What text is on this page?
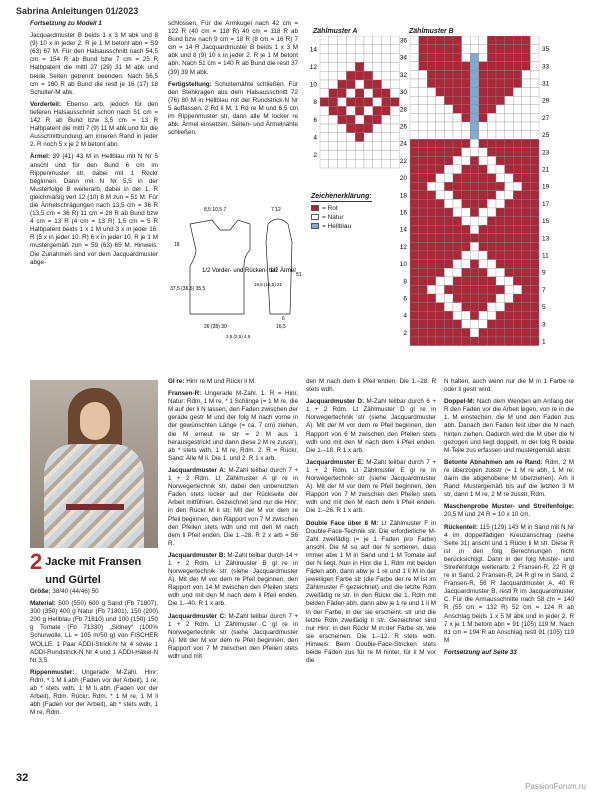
Sabrina Anleitungen 01/2023

Fortsetzung zu Modell 1

Jacquardmuster B beids 1 x 3 M abk und 8 (9) 10 x in jeder 2. R je 1 M betont abn = S9 (63) 67 M. Für den Halsausschnitt nach 54,5 cm = 154 R ab Bund bzw 7 cm = 25 R Halbpatent die mittl 27 (29) 31 M abk und beide Seiten getrennt beenden. Nach 56,5 cm = 160 R ab Bund die restl je 16 (17) 18 Schulter-M abk.

Vorderteil: Ebenso arb, jedoch für den tieferen Halsausschnitt schon nach 51 cm = 142 R ab Bund bzw 3,5 cm = 13 R Halbpatent die mittl 7 (9) 11 M abk und für die Ausschnittrundung am inneren Rand in jeder 2. R noch 5 x je 2 M betont abn.

Ärmel: 39 (41) 43 M in Hellblau mit N Nr 5 anschl und für den Bund 6 cm im Rippenmuster str, dabei mit 1 Rückr beginnen. Dann mit N Nr 5,5 in der Musterfolge B weiterarb, dabei in der 1. R gleichmäßig vert 12 (10) 8 M zun = 51 M. Für die Ärmelschrägungen nach 13,5 cm = 36 R (13,5 cm = 36 R) 11 cm = 28 R ab Bund bzw 4 cm = 13 R (4 cm = 13 R) 1,5 cm = 5 R Halbpatent beids 1 x 1 M und 3 x in jeder 16. R (5 x in jeder 10. R) 6 x in jeder 10. R je 1 M mustergemäß zun = 59 (63) 65 M. Hinweis: Die Zunahmen sind vor dem Jacquardmuster abge-

schlossen. Für die Armkugel nach 42 cm = 122 R (40 cm = 118 R) 40 cm = 118 R ab Bund bzw nach 9 cm = 18 R (8 cm = 16 R) 7 cm = 14 R Jacquardmuster B beids 1 x 3 M abk und 8 (9) 10 x in jeder 2. R je 1 M betont abn. Nach 51 cm = 140 R ab Bund die restl 37 (39) 39 M abk.

Fertigstellung: Schultemähte schließen. Für den Stehkragen aus dem Halsausschnitt 72 (76) 80 M in Hellblau mit der Rundstrick-N Nr 5 auffassen, 2 Rd li M, 1 Rd re M und 6,5 cm im Rippenmuster str, dann alle M locker re abk. Ärmel einsetzen. Seiten- und Ärmelnähte schließen.

8,5 10,5 7	7 12
18
37,5 (36,5) 35,5
26 (28) 30	16,5
51
18,5 (18,5) 21
6
3,5 (2,5) 4,5
1/2 Vorder- und Rücken- teil
1/2 Ärmel
Zählmuster A
14
12
10
8
6
4
2
Zählmuster B
36
35
34
33
32
31
30
29
28
27
26
25
24
23
22
21
20
19
18
17
16
15
14
13
12
11
10
9
8
7
6
5
4
3
2
1
Zeichenerklärung:
= Rot
= Natur
= Hellblau
2 Jacke mit Fransen und Gürtel

Größe: 38/40 (44/46) 50

Material: 500 (550) 600 g Sand (Fb 71807), 300 (350) 400 g Natur (Fb 71801), 150 (200) 200 g Hellblau (Fb 71810) und 100 (150) 150 g Tomate (Fb 71330) „Sidney“ (100% Schurwolle, LL = 105 m/50 g) von FISCHER WOLLE. 1 Paar ADDI-Strick-N Nr 4 sowie 1 ADDI-Rundstrick-N Nr 4 und 1 ADDI-Häkel-N Nr 3,5.

Rippenmuster: Ungerade M-Zahl. Hinr: Rdm, * 1 M li abh (Faden vor der Arbeit), 1 re, ab * stets wdh, 1 M li abh (Faden vor der Arbeit), Rdm. Rückr: Rdm, * 1 M re, 1 M li abh (Faden vor der Arbeit), ab * stets wdh, 1 M re, Rdm.

Gl re: Hinr re M und Rückr li M.

Fransen-R: Ungerade M-Zahl. 1. R = Hinr, Natur: Rdm, 1 M re, * 1 Schlinge (= 1 M re, die M auf der li N lassen, den Faden zwischen der gerade gestr M und der folg M nach vorne in der gewünschten Länge (= ca. 7 cm) ziehen, die M erneut re str = 2 M aus 1 herausgestrickt und dann diese 2 M re zusstr), ab * stets wdh, 1 M re, Rdm. 2. R = Rückr, Sand: Alle M li. Die 1. und 2. R 1 x arb.

Jacquardmuster A: M-Zahl teilbar durch 7 + 1 + 2 Rdm. Lt Zählmuster A gl re in Norwegertechnik str, dabei den unbenutzten Faden stets locker auf der Rückseite der Arbeit mitführen. Gezeichnet sind nur die Hinr; in den Rückr M li str. Mit der M vor dem re Pfeil beginnen, den Rapport von 7 M zwischen den Pfeilen stets wdh und mit den M nach dem li Pfeil enden. Die 1.–28. R 2 x arb = 56 R.

Jacquardmuster B: M-Zahl teilbar durch 14 + 1 + 2 Rdm. Lt Zählmuster B gl re in Norwegertechnik str (siehe Jacquardmuster A). Mit der M vor dem re Pfeil beginnen, den Rapport von 14 M zwischen den Pfeilen stets wdh und mit den M nach dem li Pfeil enden. Die 1.–40. R 1 x arb.

Jacquardmuster C: M-Zahl teilbar durch 7 + 1 + 2 Rdm. Lt Zählmuster C gl re in Norwegertechnik str (siehe Jacquardmuster A). Mit der M vor dem re Pfeil beginnen, den Rapport von 7 M zwischen den Pfeilen stets wdh und mit

den M nach dem li Pfeil enden. Die 1.–28. R stets wdh.

Jacquardmuster D: M-Zahl teilbar durch 6 + 1 + 2 Rdm. Lt Zählmuster D gl re in Norwegertechnik str (siehe Jacquardmuster A). Mit der M vor dem re Pfeil beginnen, den Rapport von 6 M zwischen den Pfeilen stets wdh und mit den M nach dem li Pfeil enden. Die 1.–18. R 1 x arb.

Jacquardmuster E: M-Zahl teilbar durch 7 + 1 + 2 Rdm. Lt Zählmuster E gl re in Norwegertechnik str (siehe Jacquardmuster A). Mit der M vor dem re Pfeil beginnen, den Rapport von 7 M zwischen den Pfeilen stets wdh und mit den M nach dem li Pfeil enden. Die 1.–26. R 1 x arb.

Double Face über 8 M: Lt Zählmuster F in Double-Face-Technik str. Die erforderliche M-Zahl zweifädig (= je 1 Faden pro Farbe) anschl. Die M so auf der N sortieren, dass immer abw 1 M in Sand und 1 M Tomate auf der N liegt. Nun in Hinr die 1. Rdm mit beiden Fäden abh, dann abw je 1 re und 1 li M in der jeweiligen Farbe str (die Farbe der re M ist im Zählmuster F gezeichnet) und die letzte Rdm zweifädig re str. In den Rückr die 1. Rdm mit beiden Fäden abh, dann abw je 1 re und 1 li M in der Farbe, in der sie erscheint, str und die letzte Rdm zweifädig li str. Gezeichnet sind nur Hinr; in den Rückr M in der Farbe str, wie sie erscheinen. Die 1.–12. R stets wdh. Hinweis: Beim Double-Face-Stricken stets beide Fäden zus für re M hinter, für li M vor die

N halten, auch wenn nur die M in 1 Farbe re oder li gestr wird.

Doppel-M: Nach dem Wenden am Anfang der R den Faden vor die Arbeit legen, von re in die 1. M einstechen, die M und den Faden zus abh. Danach den Faden fest über die N nach hinten ziehen. Dadurch wird die M über die N gezogen und liegt doppelt. In der folg R beide M-Teile zus erfassen und mustergemäß abstr.

Betonte Abnahmen am re Rand: Rdm, 2 M re überzogen zusstr (= 1 M re abh, 1 M re, dann die abgehobene M überziehen). Am li Rand: Mustergemäß bis auf die letzten 3 M str, dann 1 M re, 2 M re zusstr, Rdm.

Maschenprobe Muster- und Streifenfolge: 20,5 M und 24 R = 10 x 10 cm.

Rückenteil: 115 (129) 143 M in Sand mit N Nr 4 im doppelfädigen Kreuzanschlag (siehe Seite 31) anschl und 1 Rückr li M str. Diese R ist in den folg Berechnungen nicht berücksichtigt. Dann in der folg Muster- und Streifenfolge weiterarb: 2 Fransen-R, 22 R gl re in Sand, 2 Fransen-R, 24 R gl re in Sand, 2 Fransen-R, 56 R Jacquardmuster A, 40 R Jacquardmuster B, restl R im Jacquardmuster C. Für die Armausschnitte nach 58 cm = 140 R (55 cm = 132 R) 52 cm = 124 R ab Anschlag beids 1 x 5 M abk und in jeder 2. R 7 x je 1 M betont abn = 91 (105) 119 M. Nach 81 cm = 194 R ab Anschlag restl 91 (105) 119 M

Fortsetzung auf Seite 33

32
PassionForum.ru
